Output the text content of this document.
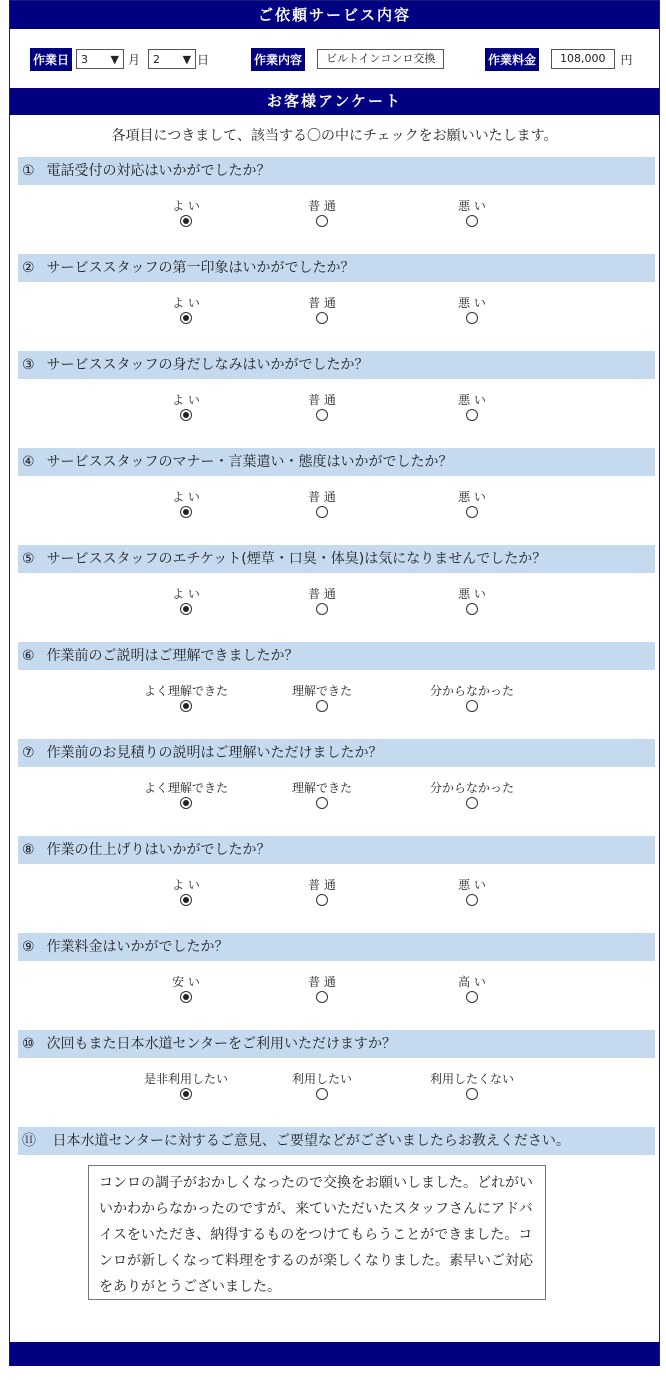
ご依頼サービス内容
作業日 3 ▼ 月 2 ▼ 日	作業内容	ビルトインコンロ交換	作業料金	108,000	円
お客様アンケート
各項目につきまして、該当する〇の中にチェックをお願いいたします。
① 電話受付の対応はいかがでしたか？
よ い	普 通	悪 い
② サービススタッフの第一印象はいかがでしたか？
よ い	普 通	悪 い
③ サービススタッフの身だしなみはいかがでしたか？
よ い	普 通	悪 い
④ サービススタッフのマナー・言葉遣い・態度はいかがでしたか？
よ い	普 通	悪 い
⑤ サービススタッフのエチケット(煙草・口臭・体臭)は気になりませんでしたか？
よ い	普 通	悪 い
⑥ 作業前のご説明はご理解できましたか？
よく理解できた	理解できた	分からなかった
⑦ 作業前のお見積りの説明はご理解いただけましたか？
よく理解できた	理解できた	分からなかった
⑧ 作業の仕上げりはいかがでしたか？
よ い	普 通	悪 い
⑨ 作業料金はいかがでしたか？
安 い	普 通	高 い
⑩ 次回もまた日本水道センターをご利用いただけますか？
是非利用したい	利用したい	利用したくない
⑪ 日本水道センターに対するご意見、ご要望などがございましたらお教えください。
コンロの調子がおかしくなったので交換をお願いしました。どれがいいかわからなかったのですが、来ていただいたスタッフさんにアドバイスをいただき、納得するものをつけてもらうことができました。コンロが新しくなって料理をするのが楽しくなりました。素早いご対応をありがとうございました。
